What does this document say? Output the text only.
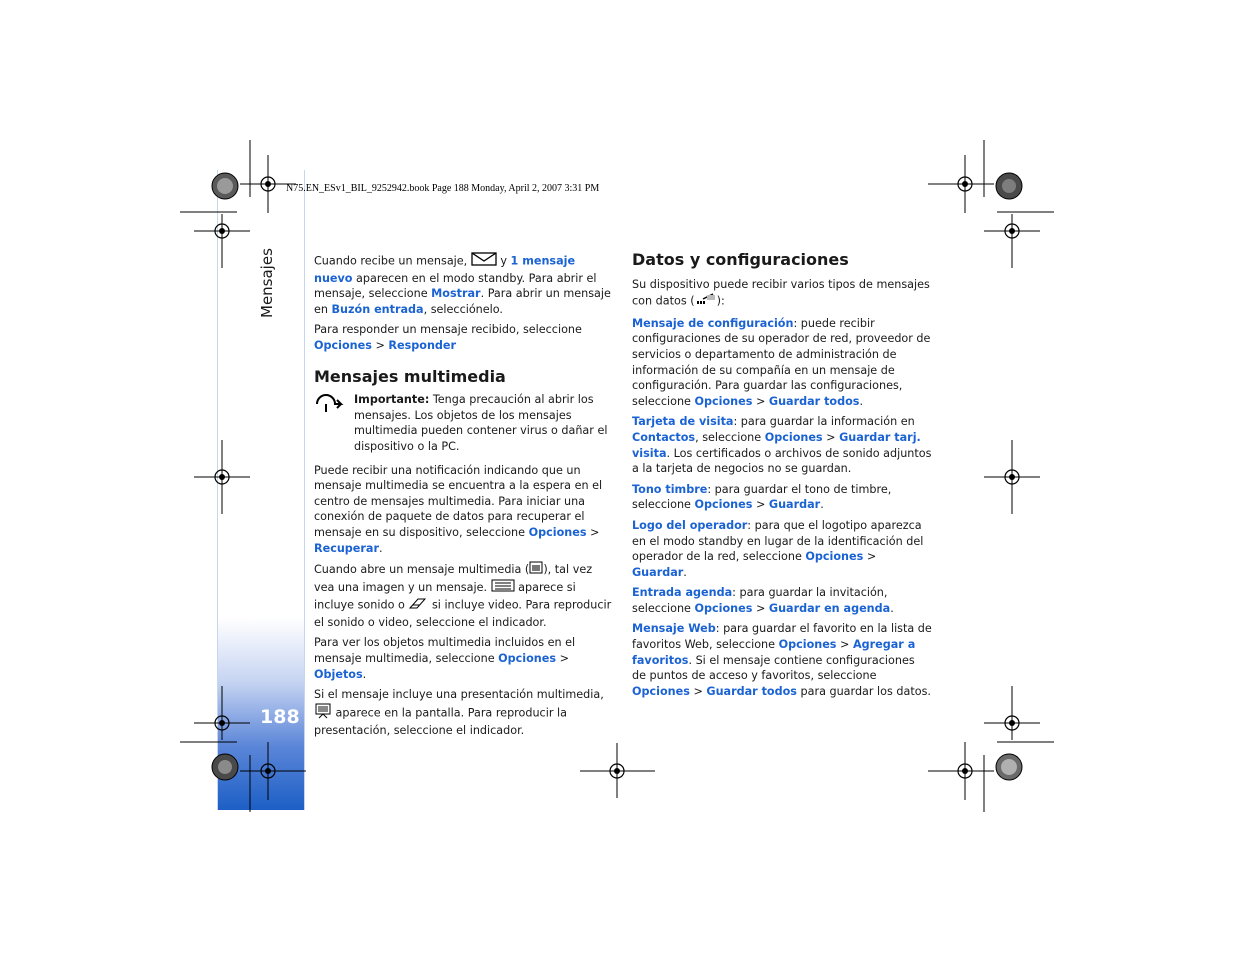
Mensajes
188
N75.EN_ESv1_BIL_9252942.book Page 188 Monday, April 2, 2007 3:31 PM

Cuando recibe un mensaje,	y 1 mensaje nuevo aparecen en el modo standby. Para abrir el mensaje, seleccione Mostrar. Para abrir un mensaje en Buzón entrada, selecciónelo.

Para responder un mensaje recibido, seleccione Opciones > Responder

Mensajes multimedia
Importante: Tenga precaución al abrir los mensajes. Los objetos de los mensajes multimedia pueden contener virus o dañar el dispositivo o la PC.

Puede recibir una notificación indicando que un mensaje multimedia se encuentra a la espera en el centro de mensajes multimedia. Para iniciar una conexión de paquete de datos para recuperar el mensaje en su dispositivo, seleccione Opciones > Recuperar.

Cuando abre un mensaje multimedia ( ), tal vez vea una imagen y un mensaje.  aparece si incluye sonido o  si incluye video. Para reproducir el sonido o video, seleccione el indicador.

Para ver los objetos multimedia incluidos en el mensaje multimedia, seleccione Opciones > Objetos.

Si el mensaje incluye una presentación multimedia,  aparece en la pantalla. Para reproducir la presentación, seleccione el indicador.

Datos y configuraciones

Su dispositivo puede recibir varios tipos de mensajes con datos ( ):

Mensaje de configuración: puede recibir configuraciones de su operador de red, proveedor de servicios o departamento de administración de información de su compañía en un mensaje de configuración. Para guardar las configuraciones, seleccione Opciones > Guardar todos.

Tarjeta de visita: para guardar la información en Contactos, seleccione Opciones > Guardar tarj. visita. Los certificados o archivos de sonido adjuntos a la tarjeta de negocios no se guardan.

Tono timbre: para guardar el tono de timbre, seleccione Opciones > Guardar.

Logo del operador: para que el logotipo aparezca en el modo standby en lugar de la identificación del operador de la red, seleccione Opciones > Guardar.

Entrada agenda: para guardar la invitación, seleccione Opciones > Guardar en agenda.

Mensaje Web: para guardar el favorito en la lista de favoritos Web, seleccione Opciones > Agregar a favoritos. Si el mensaje contiene configuraciones de puntos de acceso y favoritos, seleccione Opciones > Guardar todos para guardar los datos.
